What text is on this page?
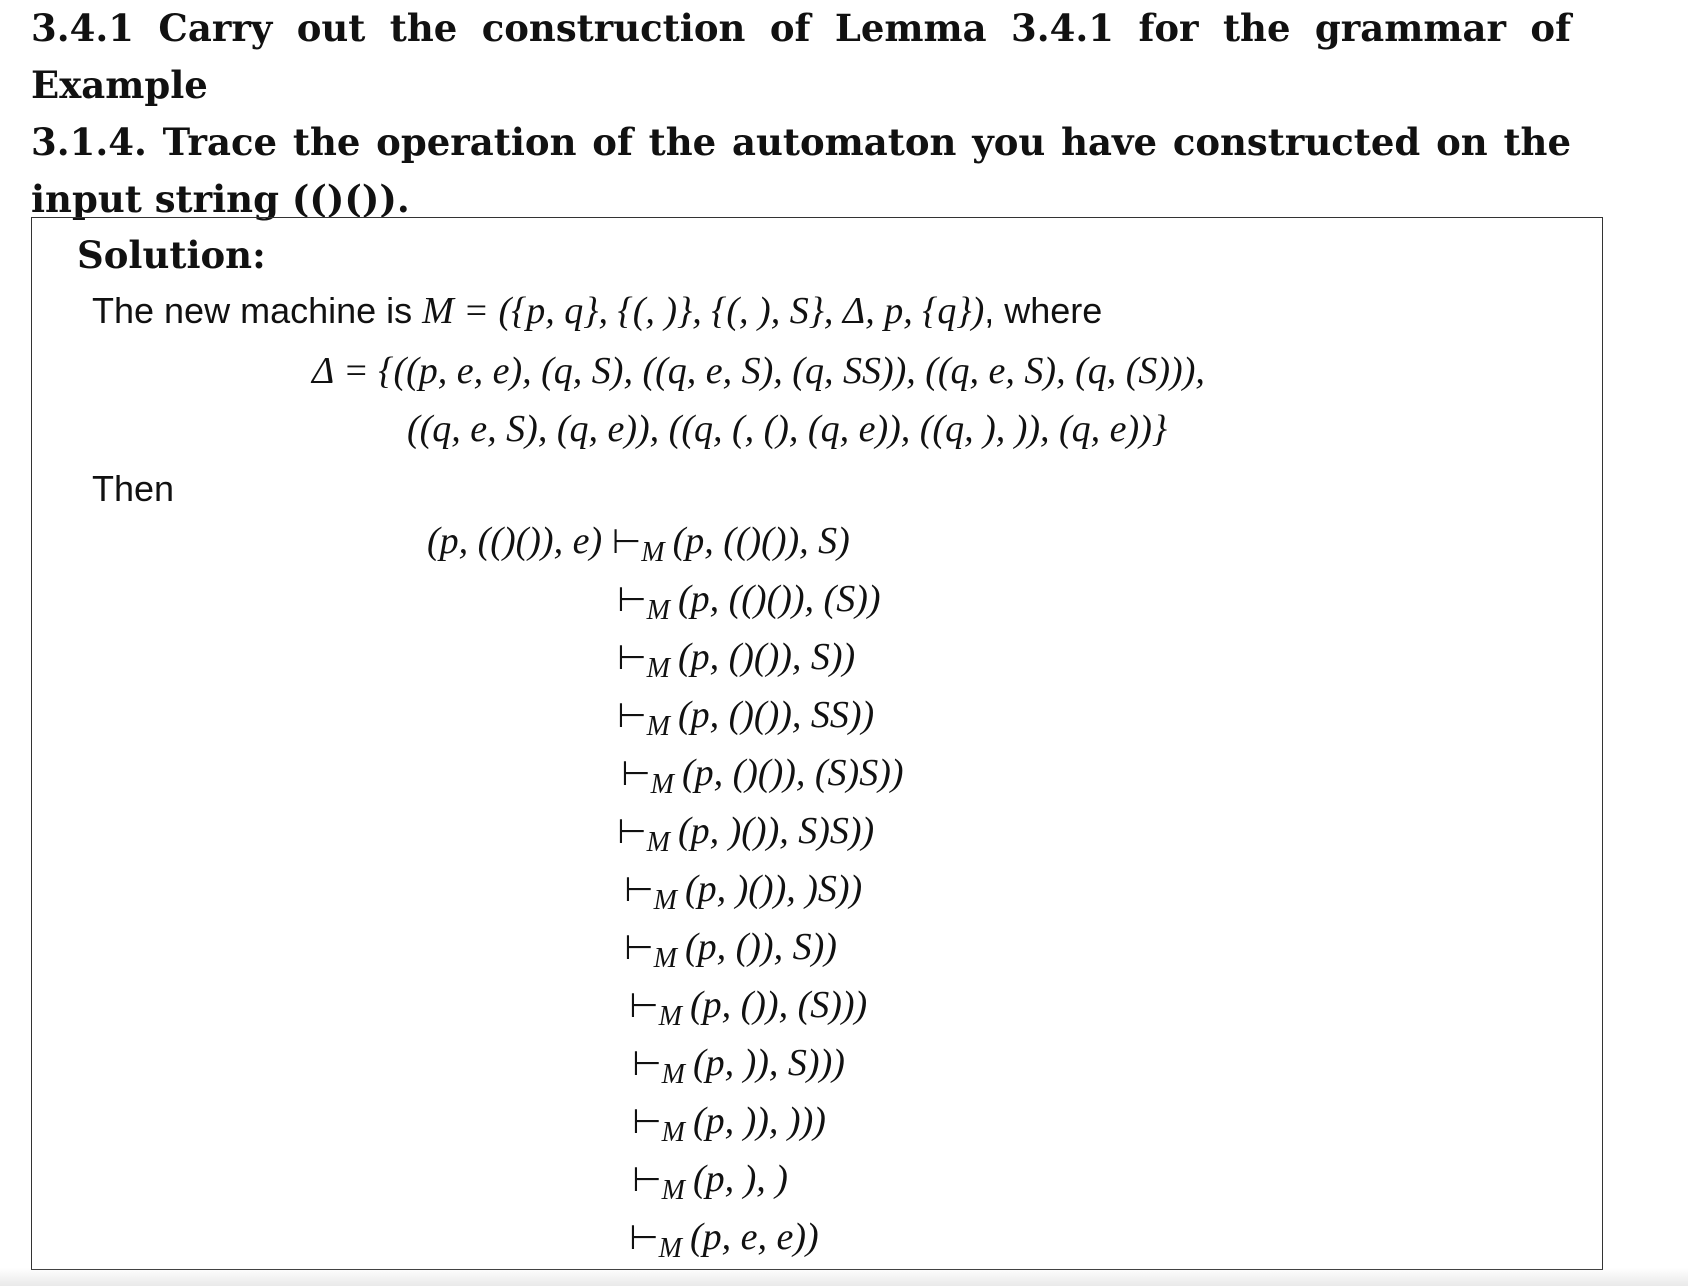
3.4.1 Carry out the construction of Lemma 3.4.1 for the grammar of Example
3.1.4. Trace the operation of the automaton you have constructed on the
input string (()()).

Solution:

The new machine is M = ({p, q}, {(, )}, {(, ), S}, Δ, p, {q}), where
Δ = {((p, e, e), (q, S), ((q, e, S), (q, SS)), ((q, e, S), (q, (S))),
((q, e, S), (q, e)), ((q, (, (), (q, e)), ((q, ), )), (q, e))}
Then
(p, (()()), e) $⊢_M$ (p, (()()), S)
$⊢_M$ (p, (()()), (S))
$⊢_M$ (p, ()()), S))
$⊢_M$ (p, ()()), SS))
$⊢_M$ (p, ()()), (S)S))
$⊢_M$ (p, )()), S)S))
$⊢_M$ (p, )()), )S))
$⊢_M$ (p, ()), S))
$⊢_M$ (p, ()), (S)))
$⊢_M$ (p, )), S)))
$⊢_M$ (p, )), )))
$⊢_M$ (p, ), )
$⊢_M$ (p, e, e))
